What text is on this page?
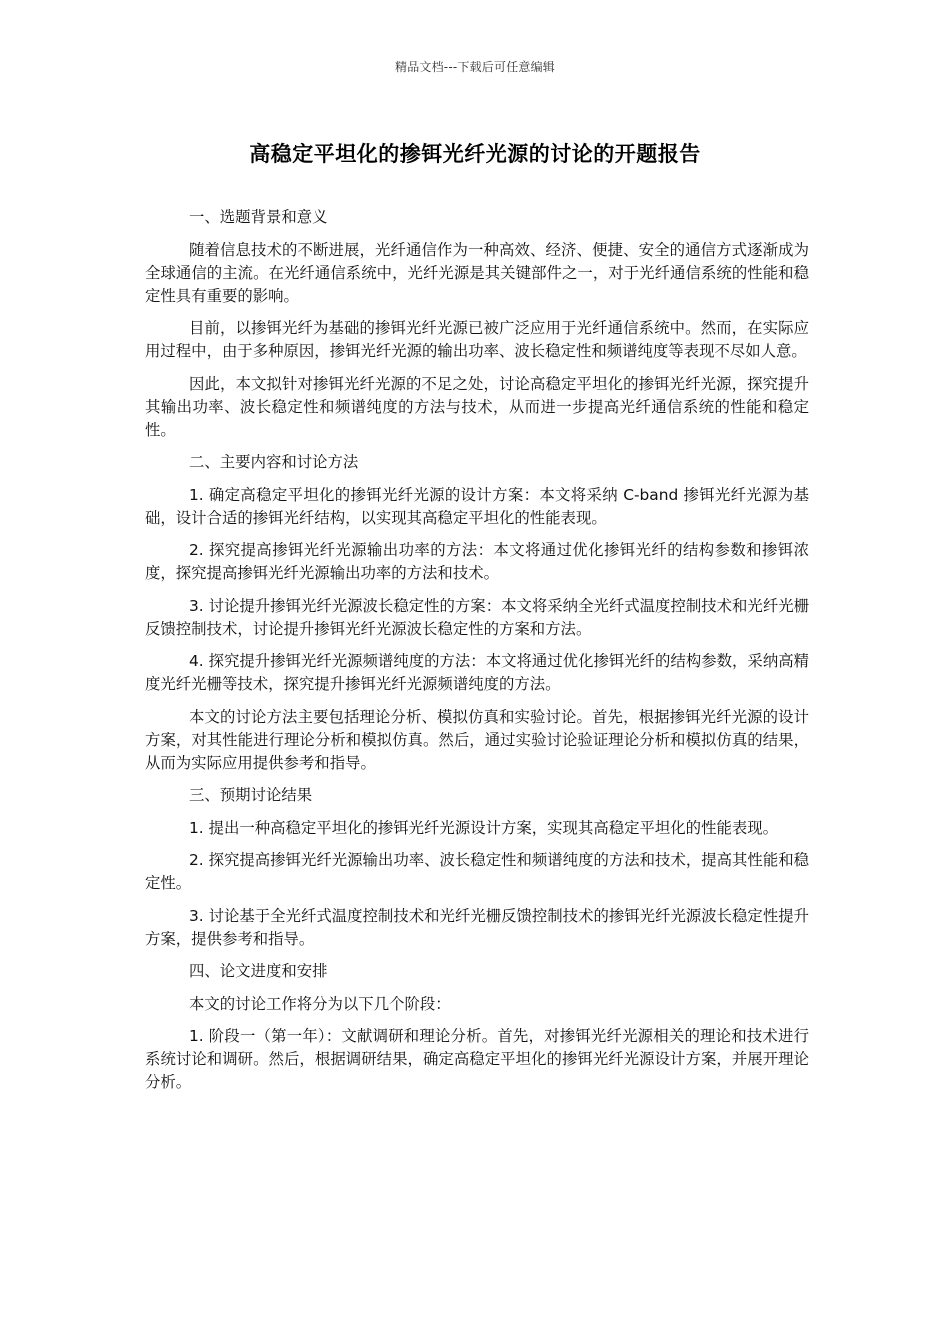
精品文档---下载后可任意编辑
高稳定平坦化的掺铒光纤光源的讨论的开题报告

一、选题背景和意义

随着信息技术的不断进展，光纤通信作为一种高效、经济、便捷、安全的通信方式逐渐成为全球通信的主流。在光纤通信系统中，光纤光源是其关键部件之一，对于光纤通信系统的性能和稳定性具有重要的影响。

目前，以掺铒光纤为基础的掺铒光纤光源已被广泛应用于光纤通信系统中。然而，在实际应用过程中，由于多种原因，掺铒光纤光源的输出功率、波长稳定性和频谱纯度等表现不尽如人意。

因此，本文拟针对掺铒光纤光源的不足之处，讨论高稳定平坦化的掺铒光纤光源，探究提升其输出功率、波长稳定性和频谱纯度的方法与技术，从而进一步提高光纤通信系统的性能和稳定性。

二、主要内容和讨论方法

1. 确定高稳定平坦化的掺铒光纤光源的设计方案：本文将采纳 C-band 掺铒光纤光源为基础，设计合适的掺铒光纤结构，以实现其高稳定平坦化的性能表现。

2. 探究提高掺铒光纤光源输出功率的方法：本文将通过优化掺铒光纤的结构参数和掺铒浓度，探究提高掺铒光纤光源输出功率的方法和技术。

3. 讨论提升掺铒光纤光源波长稳定性的方案：本文将采纳全光纤式温度控制技术和光纤光栅反馈控制技术，讨论提升掺铒光纤光源波长稳定性的方案和方法。

4. 探究提升掺铒光纤光源频谱纯度的方法：本文将通过优化掺铒光纤的结构参数，采纳高精度光纤光栅等技术，探究提升掺铒光纤光源频谱纯度的方法。

本文的讨论方法主要包括理论分析、模拟仿真和实验讨论。首先，根据掺铒光纤光源的设计方案，对其性能进行理论分析和模拟仿真。然后，通过实验讨论验证理论分析和模拟仿真的结果，从而为实际应用提供参考和指导。

三、预期讨论结果

1. 提出一种高稳定平坦化的掺铒光纤光源设计方案，实现其高稳定平坦化的性能表现。

2. 探究提高掺铒光纤光源输出功率、波长稳定性和频谱纯度的方法和技术，提高其性能和稳定性。

3. 讨论基于全光纤式温度控制技术和光纤光栅反馈控制技术的掺铒光纤光源波长稳定性提升方案，提供参考和指导。

四、论文进度和安排

本文的讨论工作将分为以下几个阶段：

1. 阶段一（第一年）：文献调研和理论分析。首先，对掺铒光纤光源相关的理论和技术进行系统讨论和调研。然后，根据调研结果，确定高稳定平坦化的掺铒光纤光源设计方案，并展开理论分析。
